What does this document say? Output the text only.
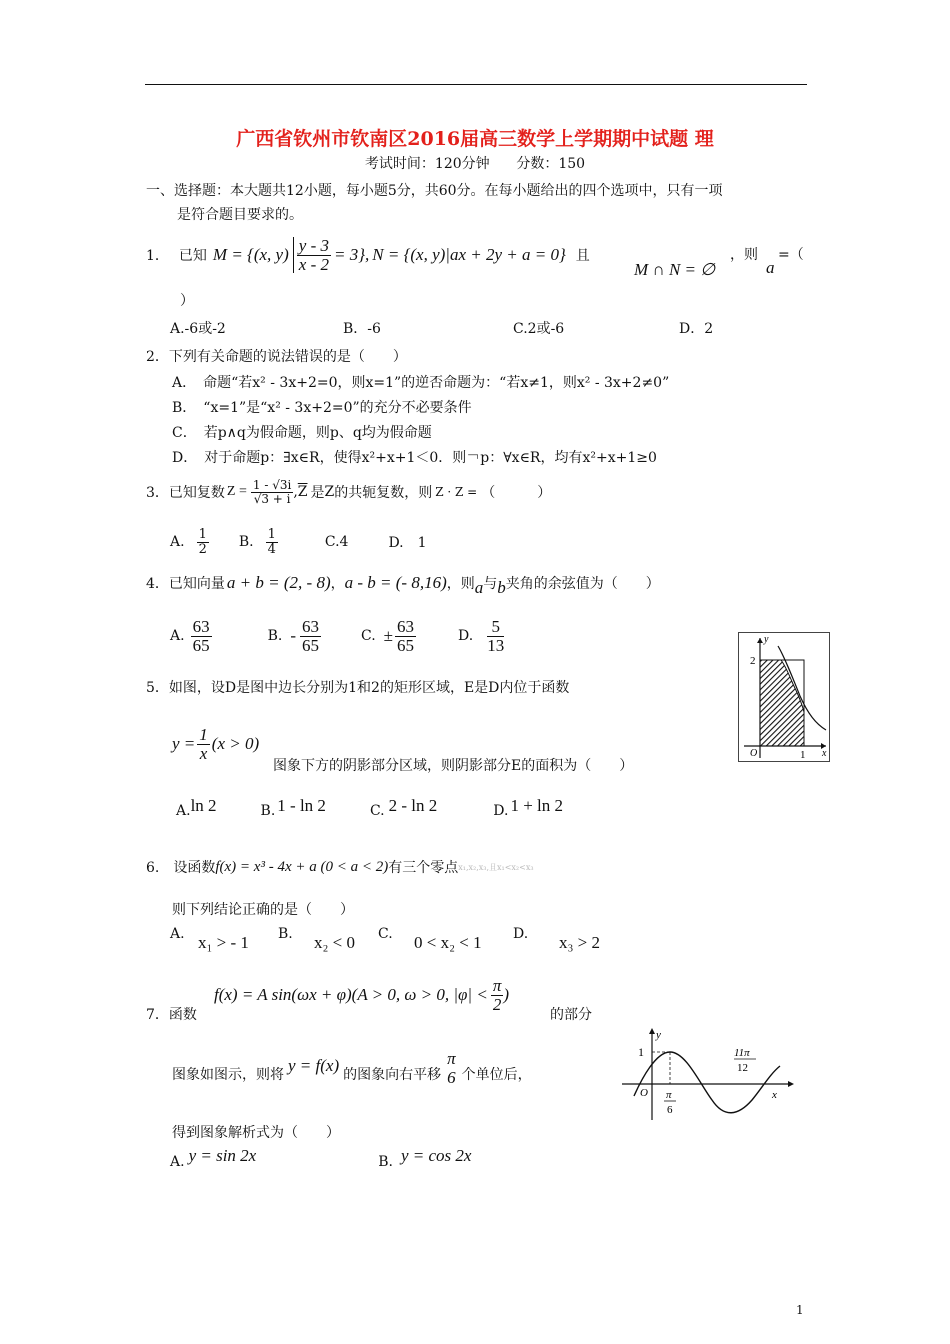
广西省钦州市钦南区2016届高三数学上学期期中试题 理
考试时间：120分钟 分数：150
一、选择题：本大题共12小题，每小题5分，共60分。在每小题给出的四个选项中，只有一项
是符合题目要求的。
1． 已知 M = {(x, $y) \frac{y - 3}{x - 2} = 3$}, N = {(x, y)|ax + 2y + a = 0} 且
M ∩ N = ∅
，则
a
=（
）
A.-6或-2	B．-6	C.2或-6	D．2
2．下列有关命题的说法错误的是（　　）
A．　命题“若x² - 3x+2=0，则x=1”的逆否命题为：“若x≠1，则x² - 3x+2≠0”
B．　“x=1”是“x² - 3x+2=0”的充分不必要条件
C．　若p∧q为假命题，则p、q均为假命题
D．　对于命题p：∃x∈R，使得x²+x+1＜0．则￢p：∀x∈R，均有x²+x+1≥0
3．已知复数 $Z = \frac{1 - √3i}{√3 + i}$ , $\overline{Z}$ 是 Z 的共轭复数，则 Z · Z = （　　　）
A. $\frac{1}{2} B$. $\frac{1}{4}$	C.4	D.　1
4．已知向量 a + b = (2, - 8) ， a - b = (- 8,16) ，则 a 与 b 夹角的余弦值为（　　）
A. $\frac{63}{65}$	B. - $\frac{63}{65}$	C. ± $\frac{63}{65}$	D. $\frac{5}{13}$
2
1
O
y
x
5．如图，设D是图中边长分别为1和2的矩形区域，E是D内位于函数
$y = \frac{1}{x} (x > 0)$
图象下方的阴影部分区域，则阴影部分E的面积为（　　）
A. ln 2	B. 1 - ln 2	C. 2 - ln 2	D. 1 + ln 2
6.　设函数 f(x) = x³ - 4x + a (0 < a < 2) 有三个零点 x₁,x₂,x₃,且x₁<x₂<x₃
则下列结论正确的是（　　）
A. x₁ > - 1 B. x₂ < 0 C. 0 < x₂ < 1 D. x₃ > 2
f(x) = A sin(ωx + φ)(A > 0, ω > 0, $|\varphi| < \frac{\pi}{2}$ )
7．函数	的部分
1
O
y
x
π
6
11π
12
图象如图示，则将 y = f(x) 的图象向右平移 $\frac{\pi}{6}$ 个单位后，
得到图象解析式为（　　）
A. y = sin 2x	B. y = cos 2x
1
